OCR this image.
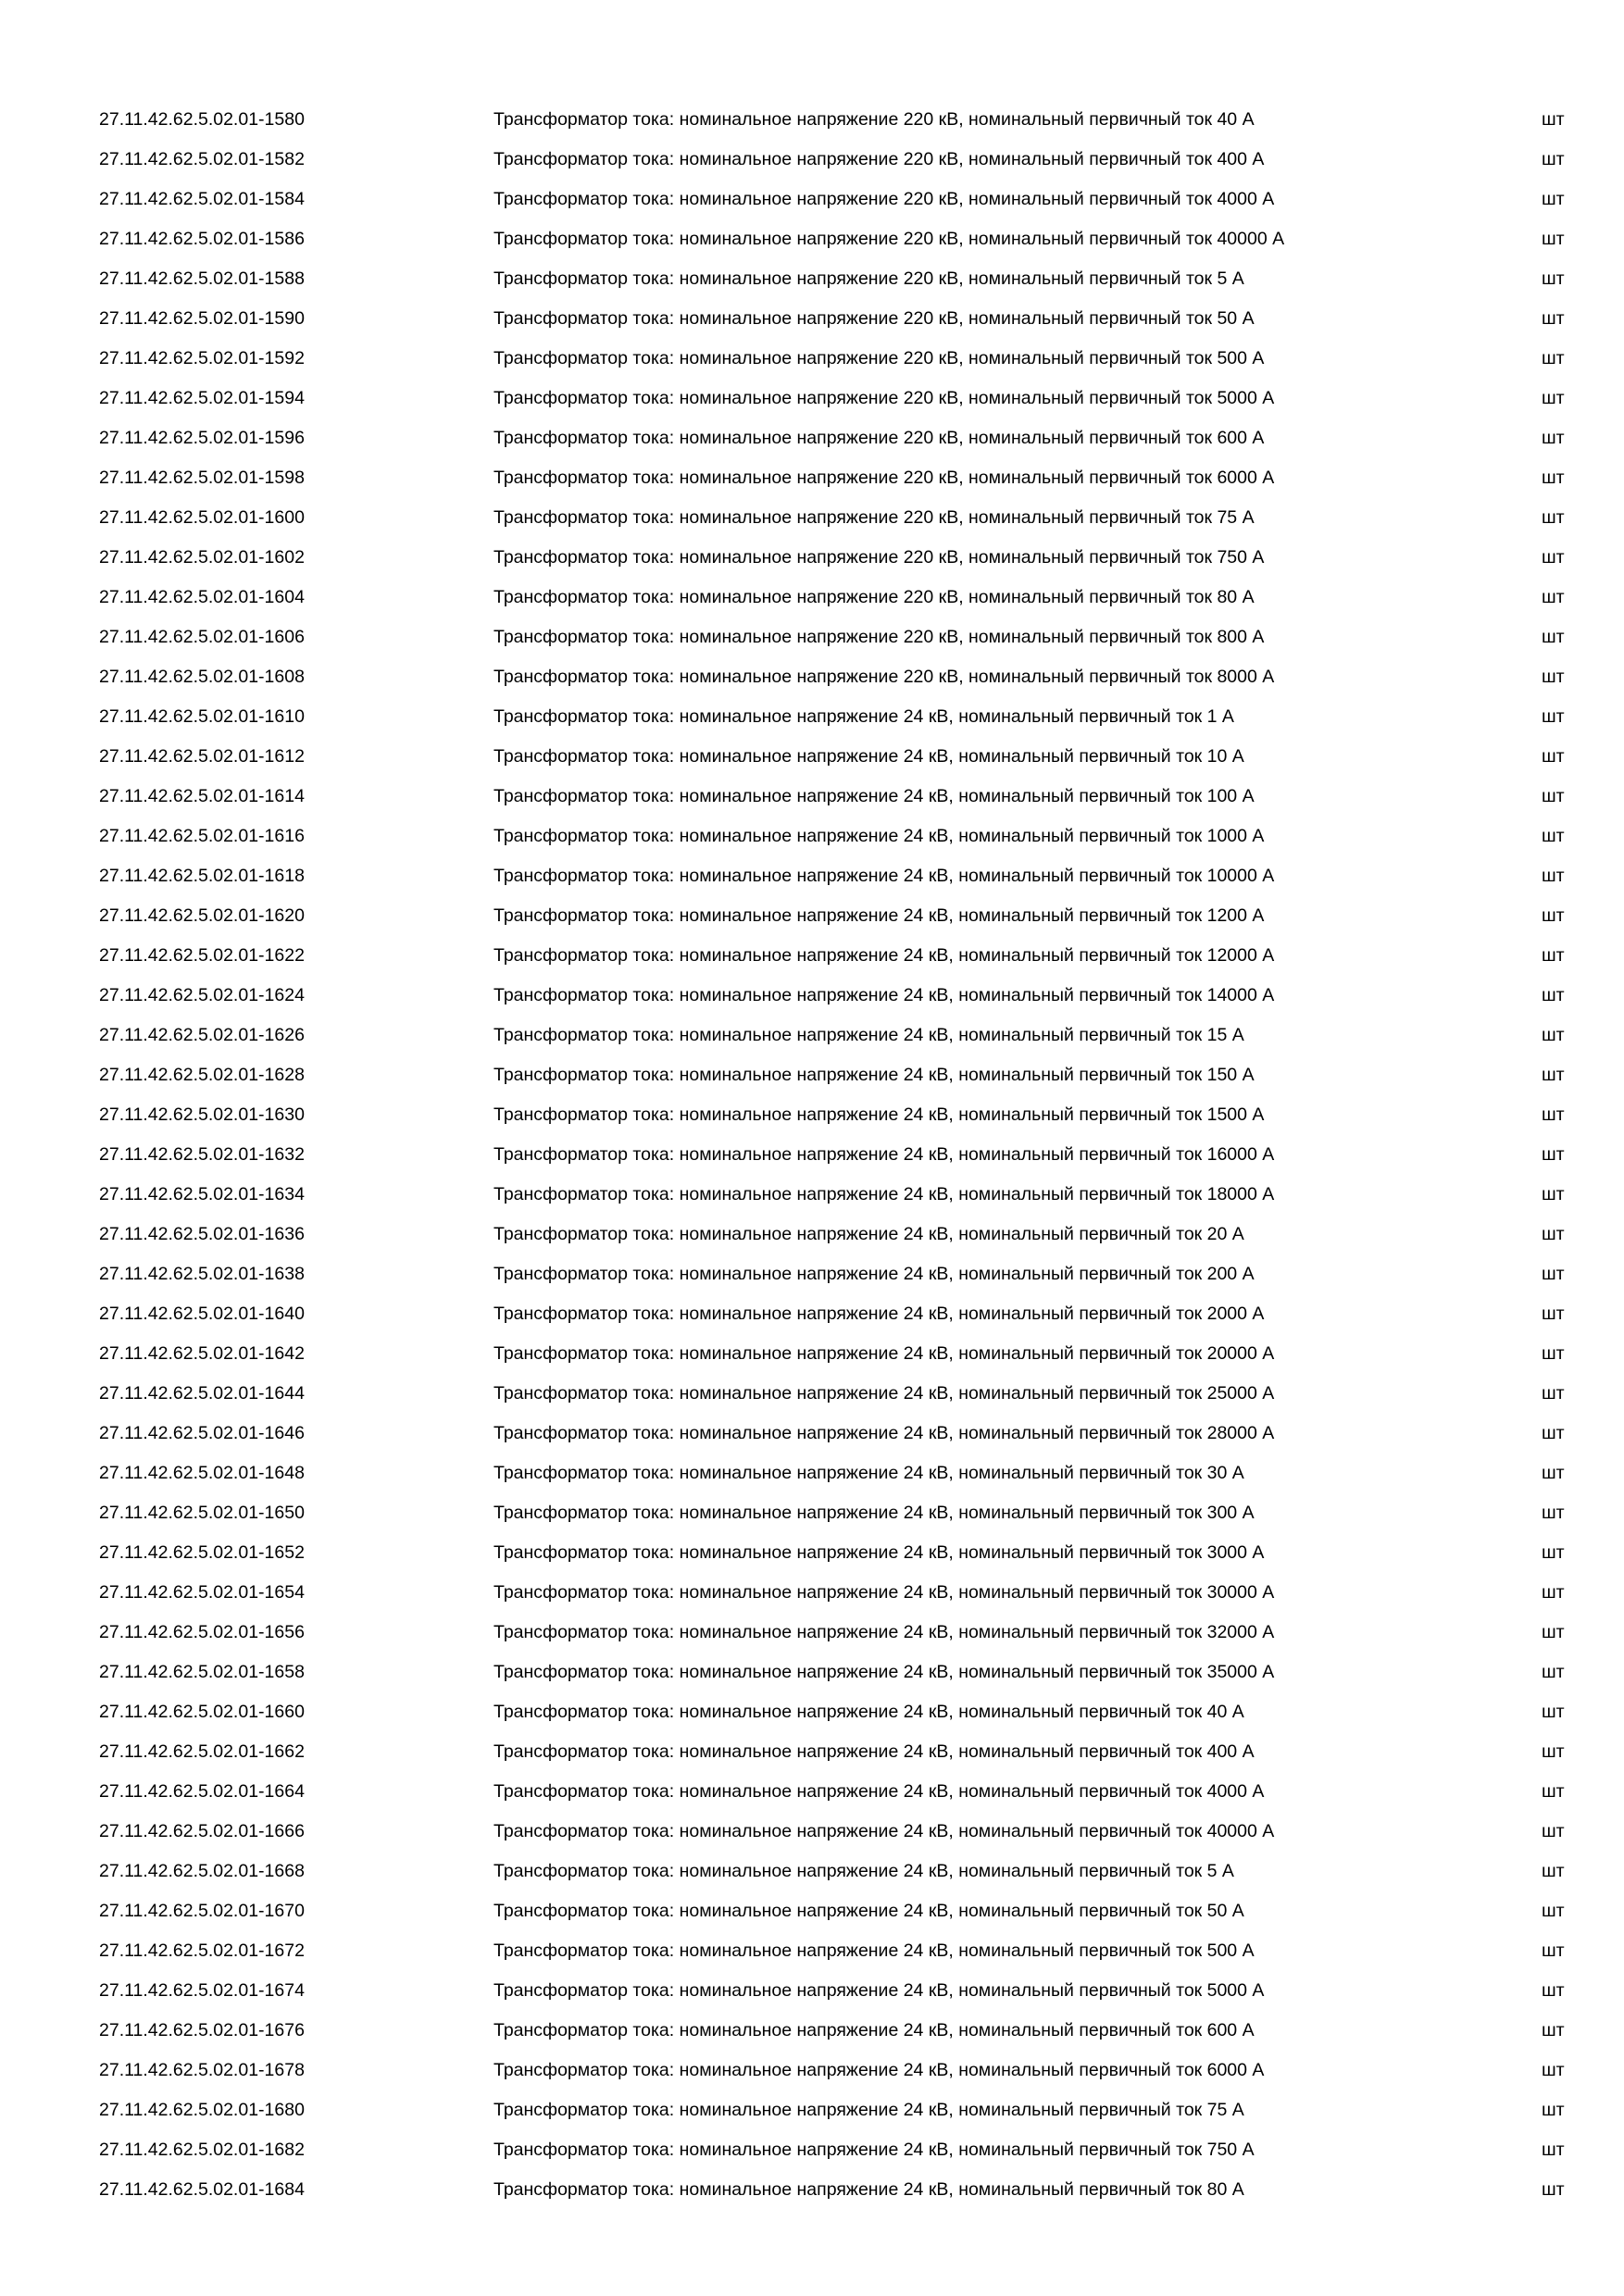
27.11.42.62.5.02.01-1580	Трансформатор тока: номинальное напряжение 220 кВ, номинальный первичный ток 40 А	шт
27.11.42.62.5.02.01-1582	Трансформатор тока: номинальное напряжение 220 кВ, номинальный первичный ток 400 А	шт
27.11.42.62.5.02.01-1584	Трансформатор тока: номинальное напряжение 220 кВ, номинальный первичный ток 4000 А	шт
27.11.42.62.5.02.01-1586	Трансформатор тока: номинальное напряжение 220 кВ, номинальный первичный ток 40000 А	шт
27.11.42.62.5.02.01-1588	Трансформатор тока: номинальное напряжение 220 кВ, номинальный первичный ток 5 А	шт
27.11.42.62.5.02.01-1590	Трансформатор тока: номинальное напряжение 220 кВ, номинальный первичный ток 50 А	шт
27.11.42.62.5.02.01-1592	Трансформатор тока: номинальное напряжение 220 кВ, номинальный первичный ток 500 А	шт
27.11.42.62.5.02.01-1594	Трансформатор тока: номинальное напряжение 220 кВ, номинальный первичный ток 5000 А	шт
27.11.42.62.5.02.01-1596	Трансформатор тока: номинальное напряжение 220 кВ, номинальный первичный ток 600 А	шт
27.11.42.62.5.02.01-1598	Трансформатор тока: номинальное напряжение 220 кВ, номинальный первичный ток 6000 А	шт
27.11.42.62.5.02.01-1600	Трансформатор тока: номинальное напряжение 220 кВ, номинальный первичный ток 75 А	шт
27.11.42.62.5.02.01-1602	Трансформатор тока: номинальное напряжение 220 кВ, номинальный первичный ток 750 А	шт
27.11.42.62.5.02.01-1604	Трансформатор тока: номинальное напряжение 220 кВ, номинальный первичный ток 80 А	шт
27.11.42.62.5.02.01-1606	Трансформатор тока: номинальное напряжение 220 кВ, номинальный первичный ток 800 А	шт
27.11.42.62.5.02.01-1608	Трансформатор тока: номинальное напряжение 220 кВ, номинальный первичный ток 8000 А	шт
27.11.42.62.5.02.01-1610	Трансформатор тока: номинальное напряжение 24 кВ, номинальный первичный ток 1 А	шт
27.11.42.62.5.02.01-1612	Трансформатор тока: номинальное напряжение 24 кВ, номинальный первичный ток 10 А	шт
27.11.42.62.5.02.01-1614	Трансформатор тока: номинальное напряжение 24 кВ, номинальный первичный ток 100 А	шт
27.11.42.62.5.02.01-1616	Трансформатор тока: номинальное напряжение 24 кВ, номинальный первичный ток 1000 А	шт
27.11.42.62.5.02.01-1618	Трансформатор тока: номинальное напряжение 24 кВ, номинальный первичный ток 10000 А	шт
27.11.42.62.5.02.01-1620	Трансформатор тока: номинальное напряжение 24 кВ, номинальный первичный ток 1200 А	шт
27.11.42.62.5.02.01-1622	Трансформатор тока: номинальное напряжение 24 кВ, номинальный первичный ток 12000 А	шт
27.11.42.62.5.02.01-1624	Трансформатор тока: номинальное напряжение 24 кВ, номинальный первичный ток 14000 А	шт
27.11.42.62.5.02.01-1626	Трансформатор тока: номинальное напряжение 24 кВ, номинальный первичный ток 15 А	шт
27.11.42.62.5.02.01-1628	Трансформатор тока: номинальное напряжение 24 кВ, номинальный первичный ток 150 А	шт
27.11.42.62.5.02.01-1630	Трансформатор тока: номинальное напряжение 24 кВ, номинальный первичный ток 1500 А	шт
27.11.42.62.5.02.01-1632	Трансформатор тока: номинальное напряжение 24 кВ, номинальный первичный ток 16000 А	шт
27.11.42.62.5.02.01-1634	Трансформатор тока: номинальное напряжение 24 кВ, номинальный первичный ток 18000 А	шт
27.11.42.62.5.02.01-1636	Трансформатор тока: номинальное напряжение 24 кВ, номинальный первичный ток 20 А	шт
27.11.42.62.5.02.01-1638	Трансформатор тока: номинальное напряжение 24 кВ, номинальный первичный ток 200 А	шт
27.11.42.62.5.02.01-1640	Трансформатор тока: номинальное напряжение 24 кВ, номинальный первичный ток 2000 А	шт
27.11.42.62.5.02.01-1642	Трансформатор тока: номинальное напряжение 24 кВ, номинальный первичный ток 20000 А	шт
27.11.42.62.5.02.01-1644	Трансформатор тока: номинальное напряжение 24 кВ, номинальный первичный ток 25000 А	шт
27.11.42.62.5.02.01-1646	Трансформатор тока: номинальное напряжение 24 кВ, номинальный первичный ток 28000 А	шт
27.11.42.62.5.02.01-1648	Трансформатор тока: номинальное напряжение 24 кВ, номинальный первичный ток 30 А	шт
27.11.42.62.5.02.01-1650	Трансформатор тока: номинальное напряжение 24 кВ, номинальный первичный ток 300 А	шт
27.11.42.62.5.02.01-1652	Трансформатор тока: номинальное напряжение 24 кВ, номинальный первичный ток 3000 А	шт
27.11.42.62.5.02.01-1654	Трансформатор тока: номинальное напряжение 24 кВ, номинальный первичный ток 30000 А	шт
27.11.42.62.5.02.01-1656	Трансформатор тока: номинальное напряжение 24 кВ, номинальный первичный ток 32000 А	шт
27.11.42.62.5.02.01-1658	Трансформатор тока: номинальное напряжение 24 кВ, номинальный первичный ток 35000 А	шт
27.11.42.62.5.02.01-1660	Трансформатор тока: номинальное напряжение 24 кВ, номинальный первичный ток 40 А	шт
27.11.42.62.5.02.01-1662	Трансформатор тока: номинальное напряжение 24 кВ, номинальный первичный ток 400 А	шт
27.11.42.62.5.02.01-1664	Трансформатор тока: номинальное напряжение 24 кВ, номинальный первичный ток 4000 А	шт
27.11.42.62.5.02.01-1666	Трансформатор тока: номинальное напряжение 24 кВ, номинальный первичный ток 40000 А	шт
27.11.42.62.5.02.01-1668	Трансформатор тока: номинальное напряжение 24 кВ, номинальный первичный ток 5 А	шт
27.11.42.62.5.02.01-1670	Трансформатор тока: номинальное напряжение 24 кВ, номинальный первичный ток 50 А	шт
27.11.42.62.5.02.01-1672	Трансформатор тока: номинальное напряжение 24 кВ, номинальный первичный ток 500 А	шт
27.11.42.62.5.02.01-1674	Трансформатор тока: номинальное напряжение 24 кВ, номинальный первичный ток 5000 А	шт
27.11.42.62.5.02.01-1676	Трансформатор тока: номинальное напряжение 24 кВ, номинальный первичный ток 600 А	шт
27.11.42.62.5.02.01-1678	Трансформатор тока: номинальное напряжение 24 кВ, номинальный первичный ток 6000 А	шт
27.11.42.62.5.02.01-1680	Трансформатор тока: номинальное напряжение 24 кВ, номинальный первичный ток 75 А	шт
27.11.42.62.5.02.01-1682	Трансформатор тока: номинальное напряжение 24 кВ, номинальный первичный ток 750 А	шт
27.11.42.62.5.02.01-1684	Трансформатор тока: номинальное напряжение 24 кВ, номинальный первичный ток 80 А	шт
